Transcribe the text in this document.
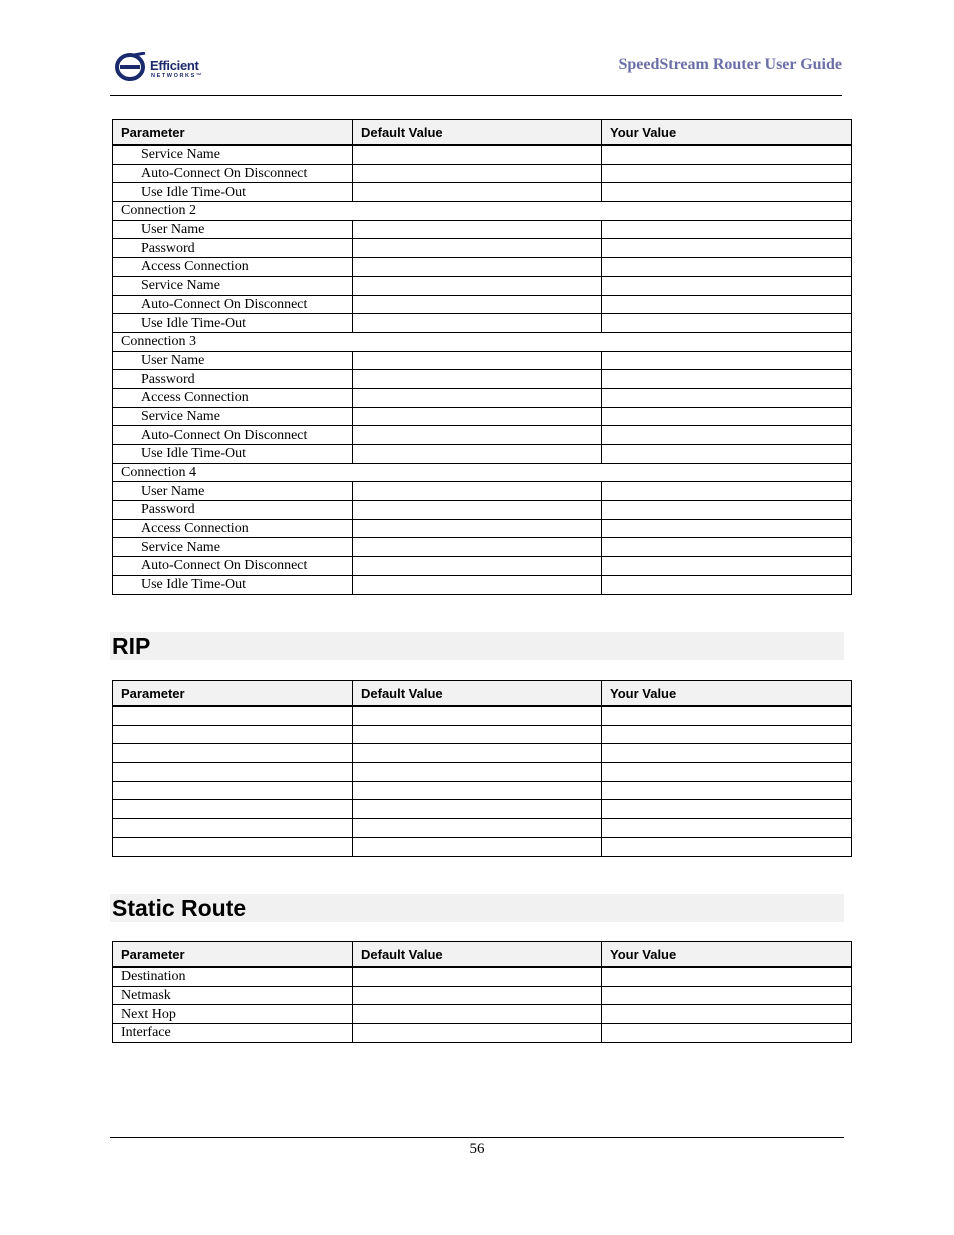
Efficient
NETWORKS™
SpeedStream Router User Guide
Parameter	Default Value	Your Value
Service Name		
Auto-Connect On Disconnect		
Use Idle Time-Out		
Connection 2		
User Name		
Password		
Access Connection		
Service Name		
Auto-Connect On Disconnect		
Use Idle Time-Out		
Connection 3		
User Name		
Password		
Access Connection		
Service Name		
Auto-Connect On Disconnect		
Use Idle Time-Out		
Connection 4		
User Name		
Password		
Access Connection		
Service Name		
Auto-Connect On Disconnect		
Use Idle Time-Out		
RIP
Parameter	Default Value	Your Value

Static Route
Parameter	Default Value	Your Value
Destination		
Netmask		
Next Hop		
Interface		
56
